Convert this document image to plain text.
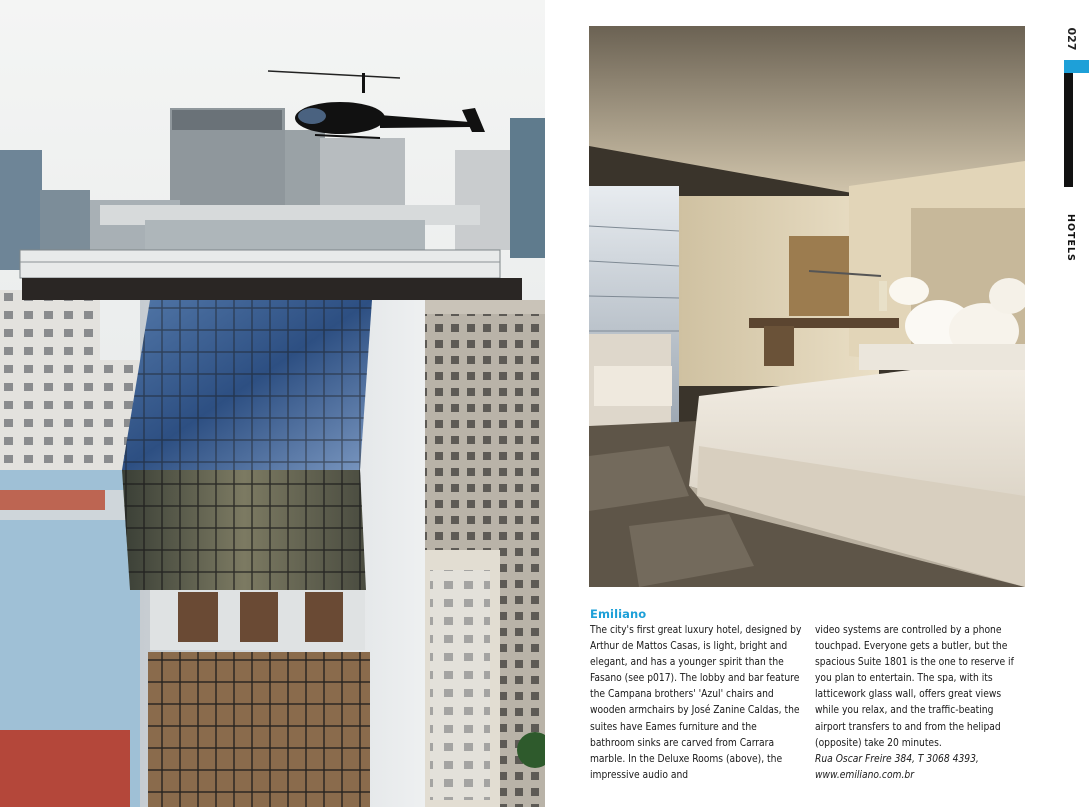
Emiliano

The city's first great luxury hotel, designed by Arthur de Mattos Casas, is light, bright and elegant, and has a younger spirit than the Fasano (see p017). The lobby and bar feature the Campana brothers' 'Azul' chairs and wooden armchairs by José Zanine Caldas, the suites have Eames furniture and the bathroom sinks are carved from Carrara marble. In the Deluxe Rooms (above), the impressive audio and

video systems are controlled by a phone touchpad. Everyone gets a butler, but the spacious Suite 1801 is the one to reserve if you plan to entertain. The spa, with its latticework glass wall, offers great views while you relax, and the traffic-beating airport transfers to and from the helipad (opposite) take 20 minutes.

Rua Oscar Freire 384, T 3068 4393,
www.emiliano.com.br

027
HOTELS
